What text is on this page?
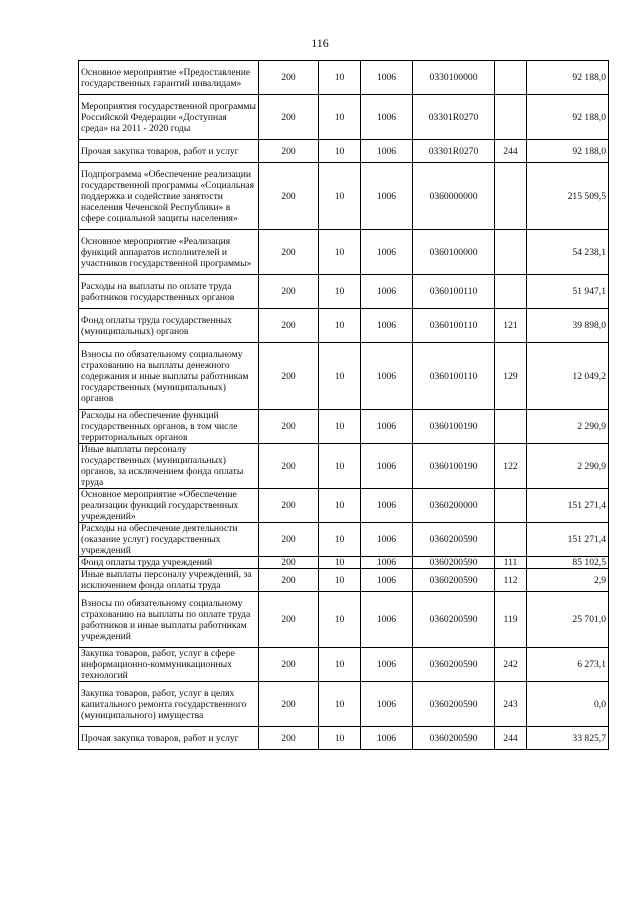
116
Основное мероприятие «Предоставление государственных гарантий инвалидам»	200	10	1006	0330100000		92 188,0
Мероприятия государственной программы Российской Федерации «Доступная среда» на 2011 - 2020 годы	200	10	1006	03301R0270		92 188,0
Прочая закупка товаров, работ и услуг	200	10	1006	03301R0270	244	92 188,0
Подпрограмма «Обеспечение реализации государственной программы «Социальная поддержка и содействие занятости населения Чеченской Республики» в сфере социальной защиты населения»	200	10	1006	0360000000		215 509,5
Основное мероприятие «Реализация функций аппаратов исполнителей и участников государственной программы»	200	10	1006	0360100000		54 238,1
Расходы на выплаты по оплате труда работников государственных органов	200	10	1006	0360100110		51 947,1
Фонд оплаты труда государственных (муниципальных) органов	200	10	1006	0360100110	121	39 898,0
Взносы по обязательному социальному страхованию на выплаты денежного содержания и иные выплаты работникам государственных (муниципальных) органов	200	10	1006	0360100110	129	12 049,2
Расходы на обеспечение функций государственных органов, в том числе территориальных органов	200	10	1006	0360100190		2 290,9
Иные выплаты персоналу государственных (муниципальных) органов, за исключением фонда оплаты труда	200	10	1006	0360100190	122	2 290,9
Основное мероприятие «Обеспечение реализации функций государственных учреждений»	200	10	1006	0360200000		151 271,4
Расходы на обеспечение деятельности (оказание услуг) государственных учреждений	200	10	1006	0360200590		151 271,4
Фонд оплаты труда учреждений	200	10	1006	0360200590	111	85 102,5
Иные выплаты персоналу учреждений, за исключением фонда оплаты труда	200	10	1006	0360200590	112	2,9
Взносы по обязательному социальному страхованию на выплаты по оплате труда работников и иные выплаты работникам учреждений	200	10	1006	0360200590	119	25 701,0
Закупка товаров, работ, услуг в сфере информационно-коммуникационных технологий	200	10	1006	0360200590	242	6 273,1
Закупка товаров, работ, услуг в целях капитального ремонта государственного (муниципального) имущества	200	10	1006	0360200590	243	0,0
Прочая закупка товаров, работ и услуг	200	10	1006	0360200590	244	33 825,7
